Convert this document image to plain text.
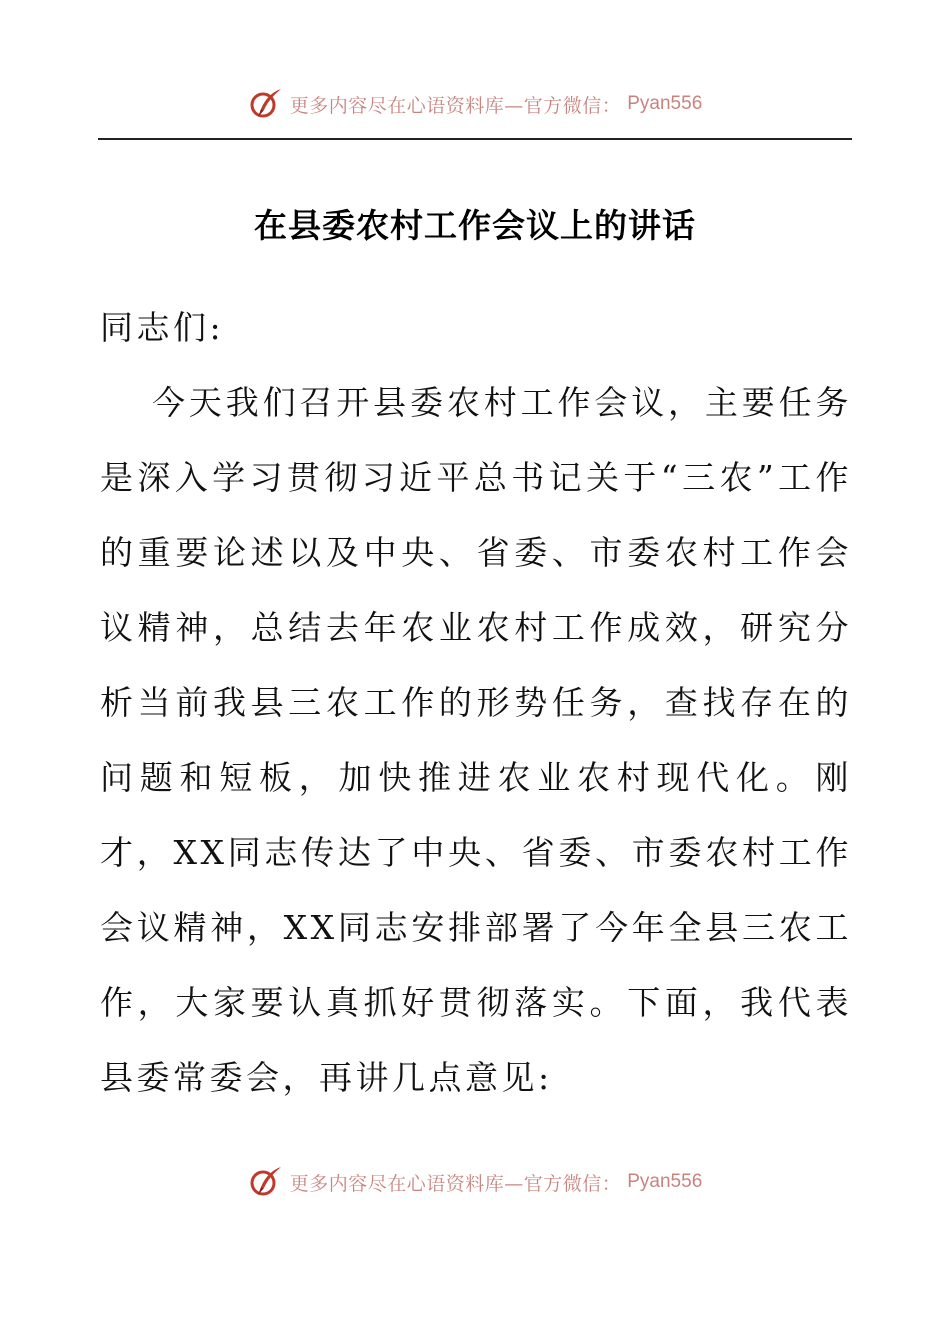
更多内容尽在心语资料库—官方微信： Pyan556
在县委农村工作会议上的讲话

同志们:

今天我们召开县委农村工作会议，主要任务是深入学习贯彻习近平总书记关于“三农”工作的重要论述以及中央、省委、市委农村工作会议精神，总结去年农业农村工作成效，研究分析当前我县三农工作的形势任务，查找存在的问题和短板，加快推进农业农村现代化。刚才，XX同志传达了中央、省委、市委农村工作会议精神，XX同志安排部署了今年全县三农工作，大家要认真抓好贯彻落实。下面，我代表县委常委会，再讲几点意见:

更多内容尽在心语资料库—官方微信： Pyan556
